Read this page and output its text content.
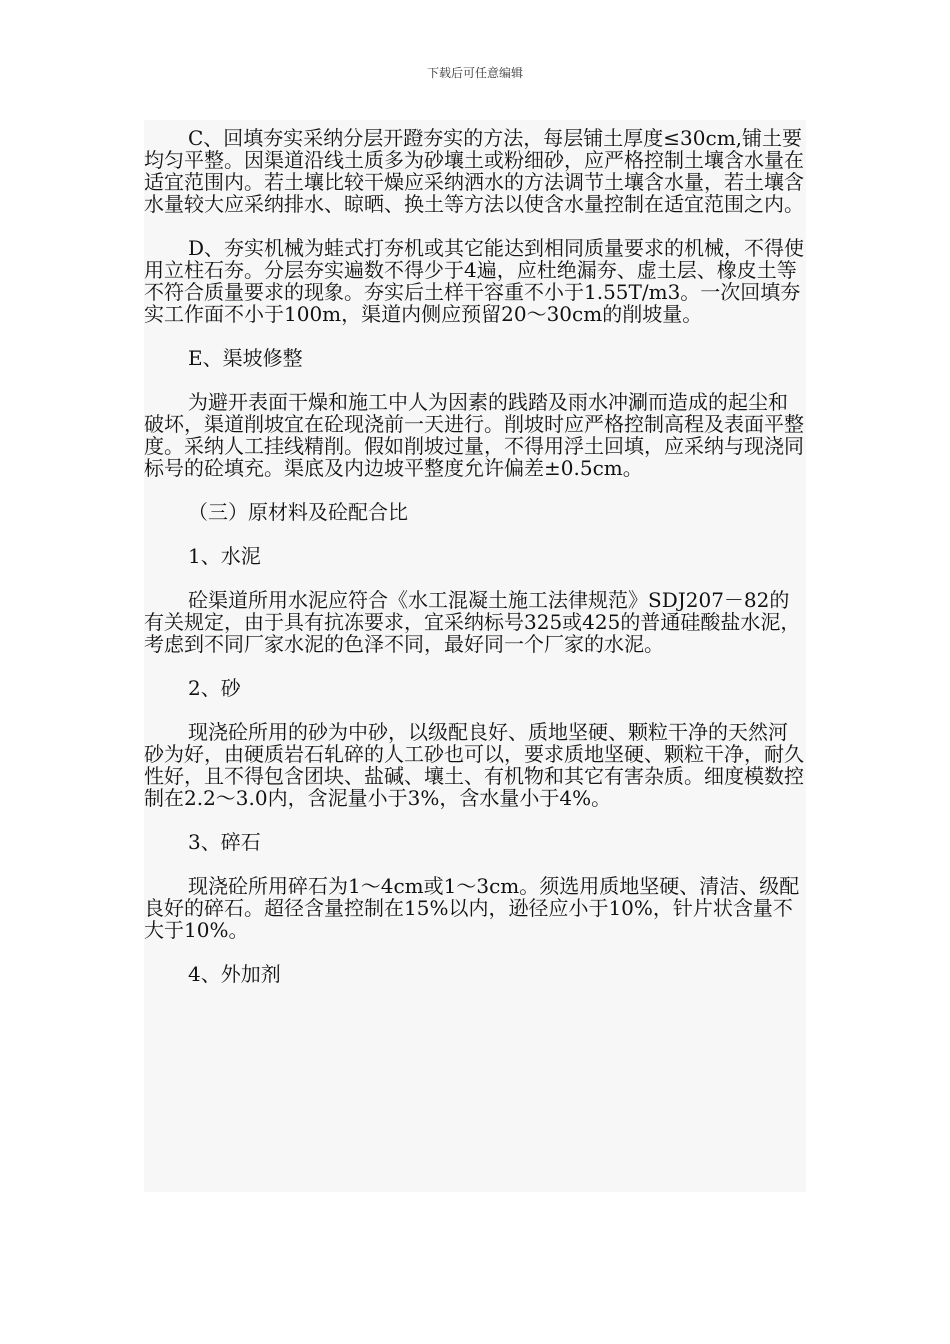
下载后可任意编辑

C、回填夯实采纳分层开蹬夯实的方法，每层铺土厚度≤30cm,铺土要均匀平整。因渠道沿线土质多为砂壤土或粉细砂，应严格控制土壤含水量在适宜范围内。若土壤比较干燥应采纳洒水的方法调节土壤含水量，若土壤含水量较大应采纳排水、晾晒、换土等方法以使含水量控制在适宜范围之内。

D、夯实机械为蛙式打夯机或其它能达到相同质量要求的机械，不得使用立柱石夯。分层夯实遍数不得少于4遍，应杜绝漏夯、虚土层、橡皮土等不符合质量要求的现象。夯实后土样干容重不小于1.55T/m3。一次回填夯实工作面不小于100m，渠道内侧应预留20～30cm的削坡量。

E、渠坡修整

为避开表面干燥和施工中人为因素的践踏及雨水冲涮而造成的起尘和破坏，渠道削坡宜在砼现浇前一天进行。削坡时应严格控制高程及表面平整度。采纳人工挂线精削。假如削坡过量，不得用浮土回填，应采纳与现浇同标号的砼填充。渠底及内边坡平整度允许偏差±0.5cm。

（三）原材料及砼配合比

1、水泥

砼渠道所用水泥应符合《水工混凝土施工法律规范》SDJ207－82的有关规定，由于具有抗冻要求，宜采纳标号325或425的普通硅酸盐水泥，考虑到不同厂家水泥的色泽不同，最好同一个厂家的水泥。

2、砂

现浇砼所用的砂为中砂，以级配良好、质地坚硬、颗粒干净的天然河砂为好，由硬质岩石轧碎的人工砂也可以，要求质地坚硬、颗粒干净，耐久性好，且不得包含团块、盐碱、壤土、有机物和其它有害杂质。细度模数控制在2.2～3.0内，含泥量小于3%，含水量小于4%。

3、碎石

现浇砼所用碎石为1～4cm或1～3cm。须选用质地坚硬、清洁、级配良好的碎石。超径含量控制在15%以内，逊径应小于10%，针片状含量不大于10%。

4、外加剂
